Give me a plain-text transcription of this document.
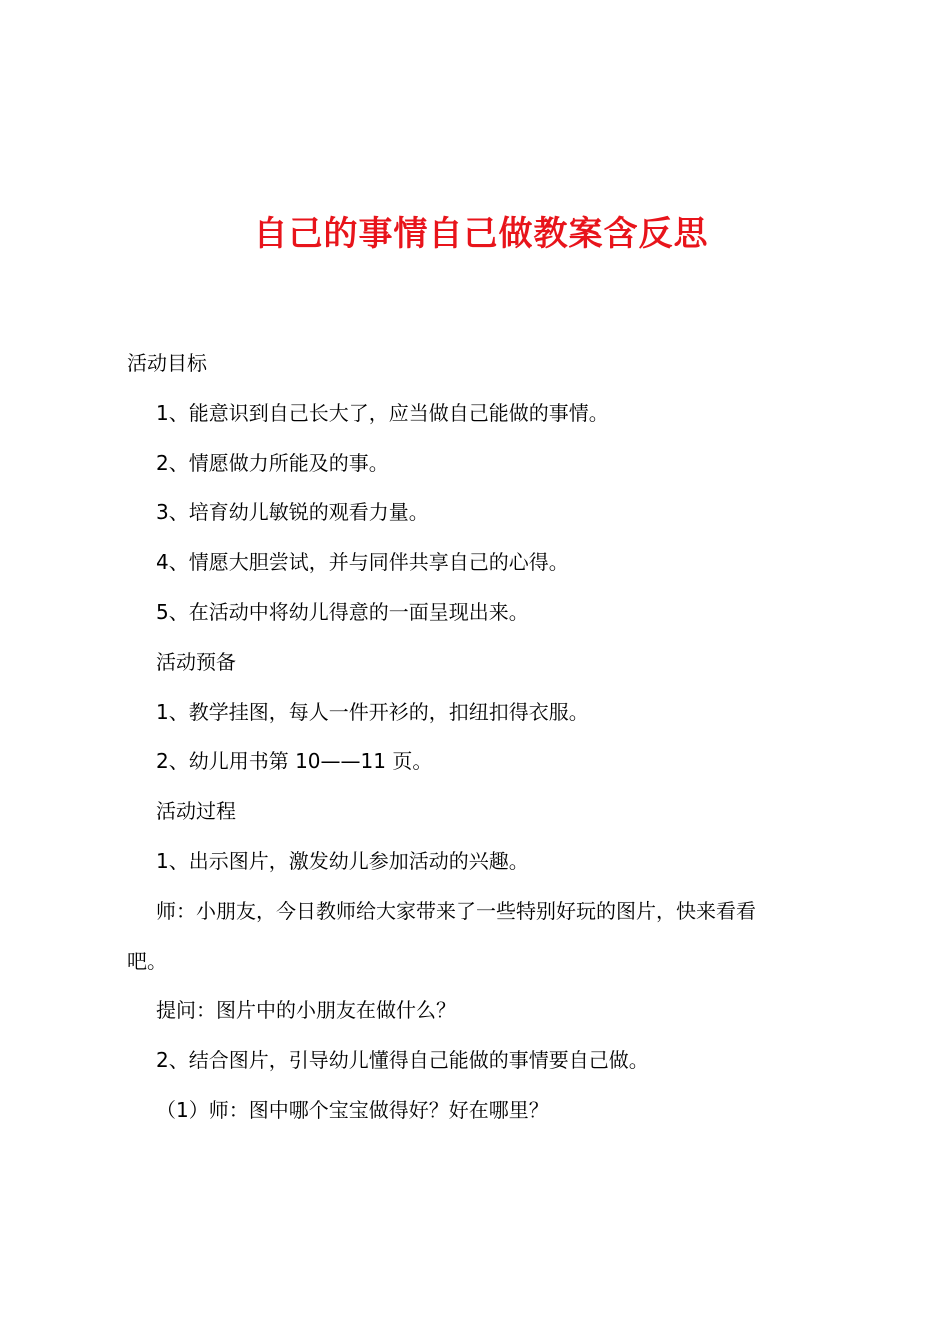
自己的事情自己做教案含反思
活动目标
1、能意识到自己长大了，应当做自己能做的事情。
2、情愿做力所能及的事。
3、培育幼儿敏锐的观看力量。
4、情愿大胆尝试，并与同伴共享自己的心得。
5、在活动中将幼儿得意的一面呈现出来。
活动预备
1、教学挂图，每人一件开衫的，扣纽扣得衣服。
2、幼儿用书第 10——11 页。
活动过程
1、出示图片，激发幼儿参加活动的兴趣。
师：小朋友，今日教师给大家带来了一些特别好玩的图片，快来看看
吧。
提问：图片中的小朋友在做什么？
2、结合图片，引导幼儿懂得自己能做的事情要自己做。
（1）师：图中哪个宝宝做得好？好在哪里？
